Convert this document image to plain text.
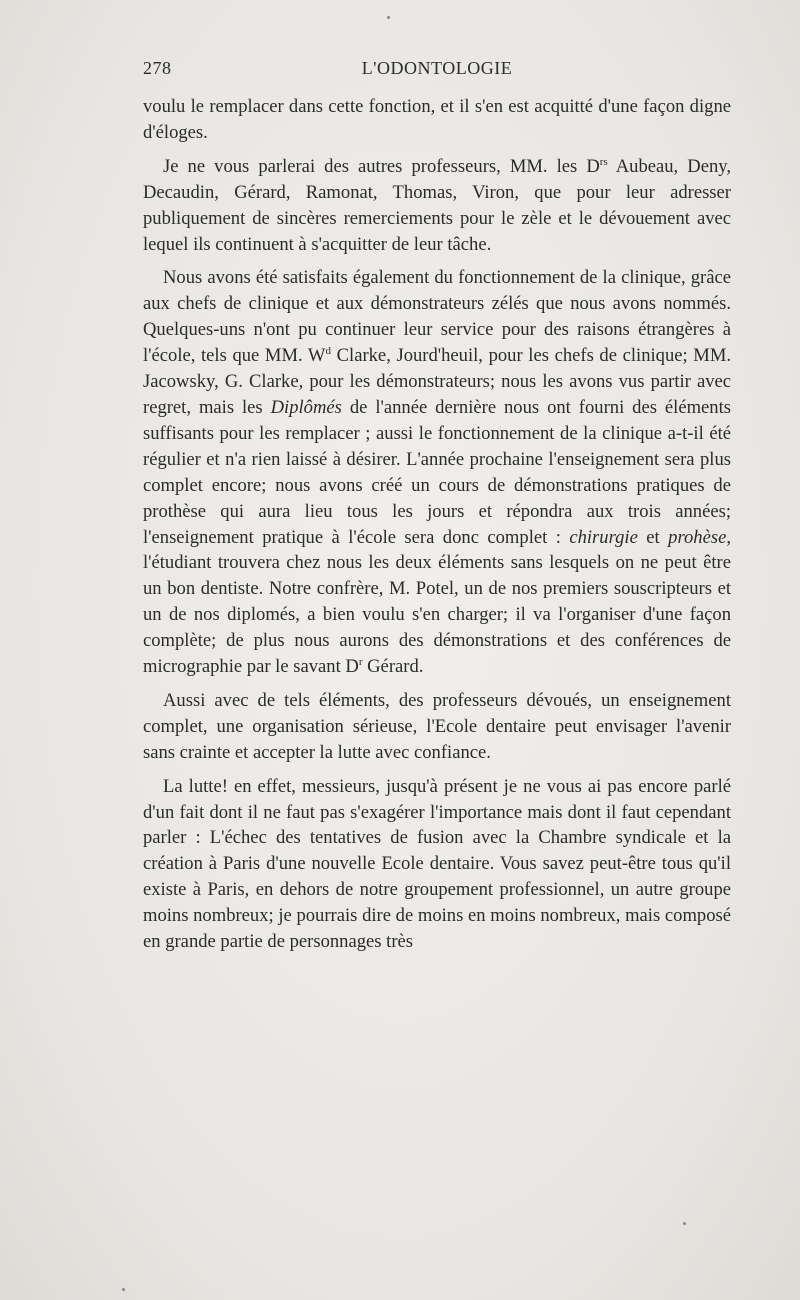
278	L'ODONTOLOGIE

voulu le remplacer dans cette fonction, et il s'en est acquitté d'une façon digne d'éloges.

Je ne vous parlerai des autres professeurs, MM. les $D^{rs}$ Aubeau, Deny, Decaudin, Gérard, Ramonat, Thomas, Viron, que pour leur adresser publiquement de sincères remerciements pour le zèle et le dévouement avec lequel ils continuent à s'acquitter de leur tâche.

Nous avons été satisfaits également du fonctionnement de la clinique, grâce aux chefs de clinique et aux démonstrateurs zélés que nous avons nommés. Quelques-uns n'ont pu continuer leur service pour des raisons étrangères à l'école, tels que MM. $W^d$ Clarke, Jourd'heuil, pour les chefs de clinique; MM. Jacowsky, G. Clarke, pour les démonstrateurs; nous les avons vus partir avec regret, mais les Diplômés de l'année dernière nous ont fourni des éléments suffisants pour les remplacer ; aussi le fonctionnement de la clinique a-t-il été régulier et n'a rien laissé à désirer. L'année prochaine l'enseignement sera plus complet encore; nous avons créé un cours de démonstrations pratiques de prothèse qui aura lieu tous les jours et répondra aux trois années; l'enseignement pratique à l'école sera donc complet : chirurgie et prohèse, l'étudiant trouvera chez nous les deux éléments sans lesquels on ne peut être un bon dentiste. Notre confrère, M. Potel, un de nos premiers souscripteurs et un de nos diplomés, a bien voulu s'en charger; il va l'organiser d'une façon complète; de plus nous aurons des démonstrations et des conférences de micrographie par le savant $D^r$ Gérard.

Aussi avec de tels éléments, des professeurs dévoués, un enseignement complet, une organisation sérieuse, l'Ecole dentaire peut envisager l'avenir sans crainte et accepter la lutte avec confiance.

La lutte! en effet, messieurs, jusqu'à présent je ne vous ai pas encore parlé d'un fait dont il ne faut pas s'exagérer l'importance mais dont il faut cependant parler : L'échec des tentatives de fusion avec la Chambre syndicale et la création à Paris d'une nouvelle Ecole dentaire. Vous savez peut-être tous qu'il existe à Paris, en dehors de notre groupement professionnel, un autre groupe moins nombreux; je pourrais dire de moins en moins nombreux, mais composé en grande partie de personnages très
